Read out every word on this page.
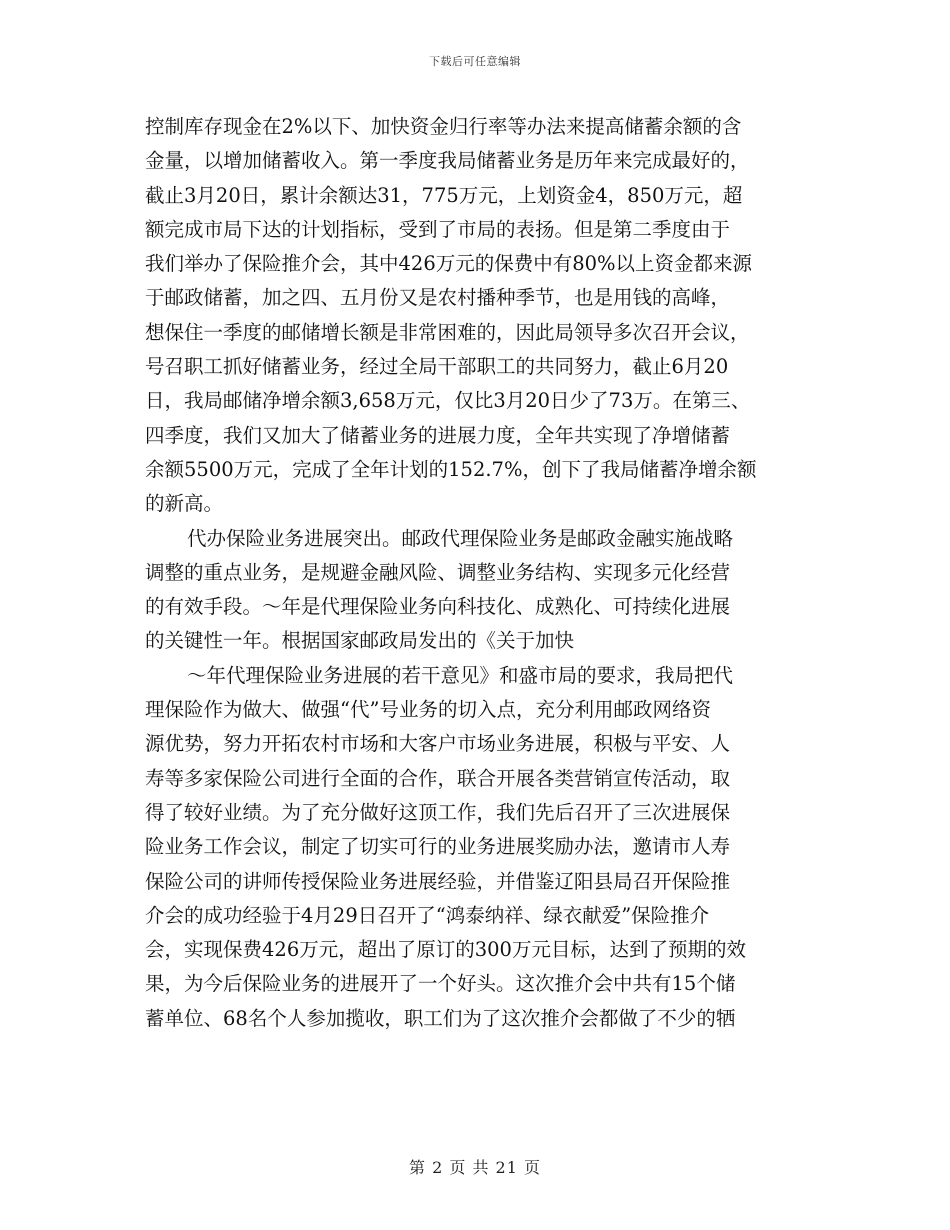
下载后可任意编辑
控制库存现金在2%以下、加快资金归行率等办法来提高储蓄余额的含
金量，以增加储蓄收入。第一季度我局储蓄业务是历年来完成最好的，
截止3月20日，累计余额达31，775万元，上划资金4，850万元，超
额完成市局下达的计划指标，受到了市局的表扬。但是第二季度由于
我们举办了保险推介会，其中426万元的保费中有80%以上资金都来源
于邮政储蓄，加之四、五月份又是农村播种季节，也是用钱的高峰，
想保住一季度的邮储增长额是非常困难的，因此局领导多次召开会议，
号召职工抓好储蓄业务，经过全局干部职工的共同努力，截止6月20
日，我局邮储净增余额3,658万元，仅比3月20日少了73万。在第三、
四季度，我们又加大了储蓄业务的进展力度，全年共实现了净增储蓄
余额5500万元，完成了全年计划的152.7%，创下了我局储蓄净增余额
的新高。
代办保险业务进展突出。邮政代理保险业务是邮政金融实施战略
调整的重点业务，是规避金融风险、调整业务结构、实现多元化经营
的有效手段。～年是代理保险业务向科技化、成熟化、可持续化进展
的关键性一年。根据国家邮政局发出的《关于加快
～年代理保险业务进展的若干意见》和盛市局的要求，我局把代
理保险作为做大、做强“代”号业务的切入点，充分利用邮政网络资
源优势，努力开拓农村市场和大客户市场业务进展，积极与平安、人
寿等多家保险公司进行全面的合作，联合开展各类营销宣传活动，取
得了较好业绩。为了充分做好这顶工作，我们先后召开了三次进展保
险业务工作会议，制定了切实可行的业务进展奖励办法，邀请市人寿
保险公司的讲师传授保险业务进展经验，并借鉴辽阳县局召开保险推
介会的成功经验于4月29日召开了“鸿泰纳祥、绿衣献爱”保险推介
会，实现保费426万元，超出了原订的300万元目标，达到了预期的效
果，为今后保险业务的进展开了一个好头。这次推介会中共有15个储
蓄单位、68名个人参加揽收，职工们为了这次推介会都做了不少的牺
第 2 页 共 21 页
